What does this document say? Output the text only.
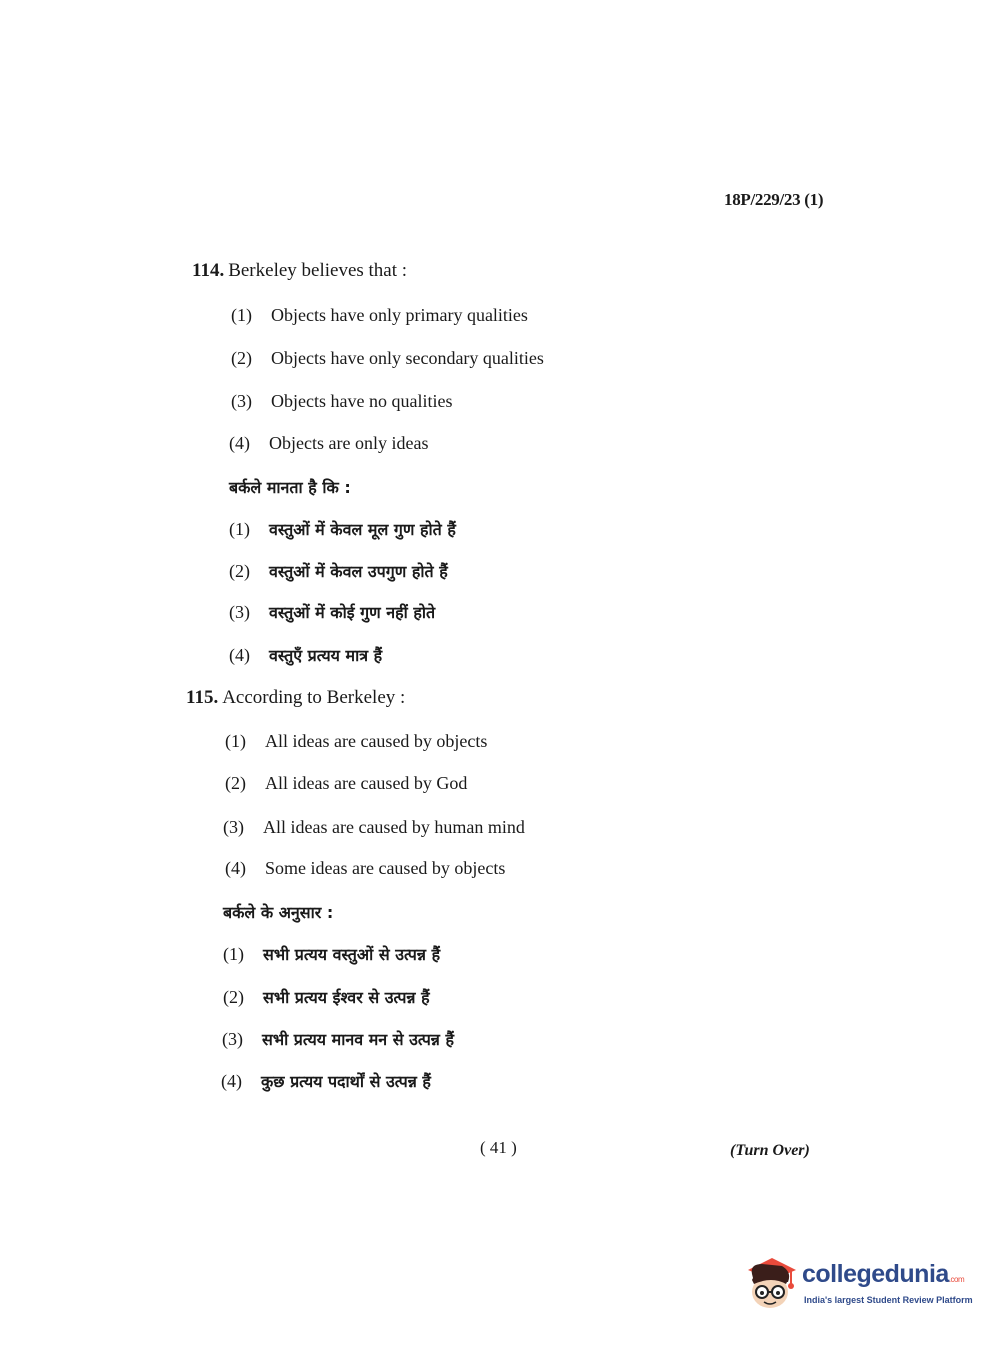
18P/229/23 (1)
114. Berkeley believes that :
(1) Objects have only primary qualities
(2) Objects have only secondary qualities
(3) Objects have no qualities
(4) Objects are only ideas
बर्कले मानता है कि :
(1) वस्तुओं में केवल मूल गुण होते हैं
(2) वस्तुओं में केवल उपगुण होते हैं
(3) वस्तुओं में कोई गुण नहीं होते
(4) वस्तुएँ प्रत्यय मात्र हैं
115. According to Berkeley :
(1) All ideas are caused by objects
(2) All ideas are caused by God
(3) All ideas are caused by human mind
(4) Some ideas are caused by objects
बर्कले के अनुसार :
(1) सभी प्रत्यय वस्तुओं से उत्पन्न हैं
(2) सभी प्रत्यय ईश्वर से उत्पन्न हैं
(3) सभी प्रत्यय मानव मन से उत्पन्न हैं
(4) कुछ प्रत्यय पदार्थों से उत्पन्न हैं
( 41 )	(Turn Over)
collegedunia.com
India's largest Student Review Platform
